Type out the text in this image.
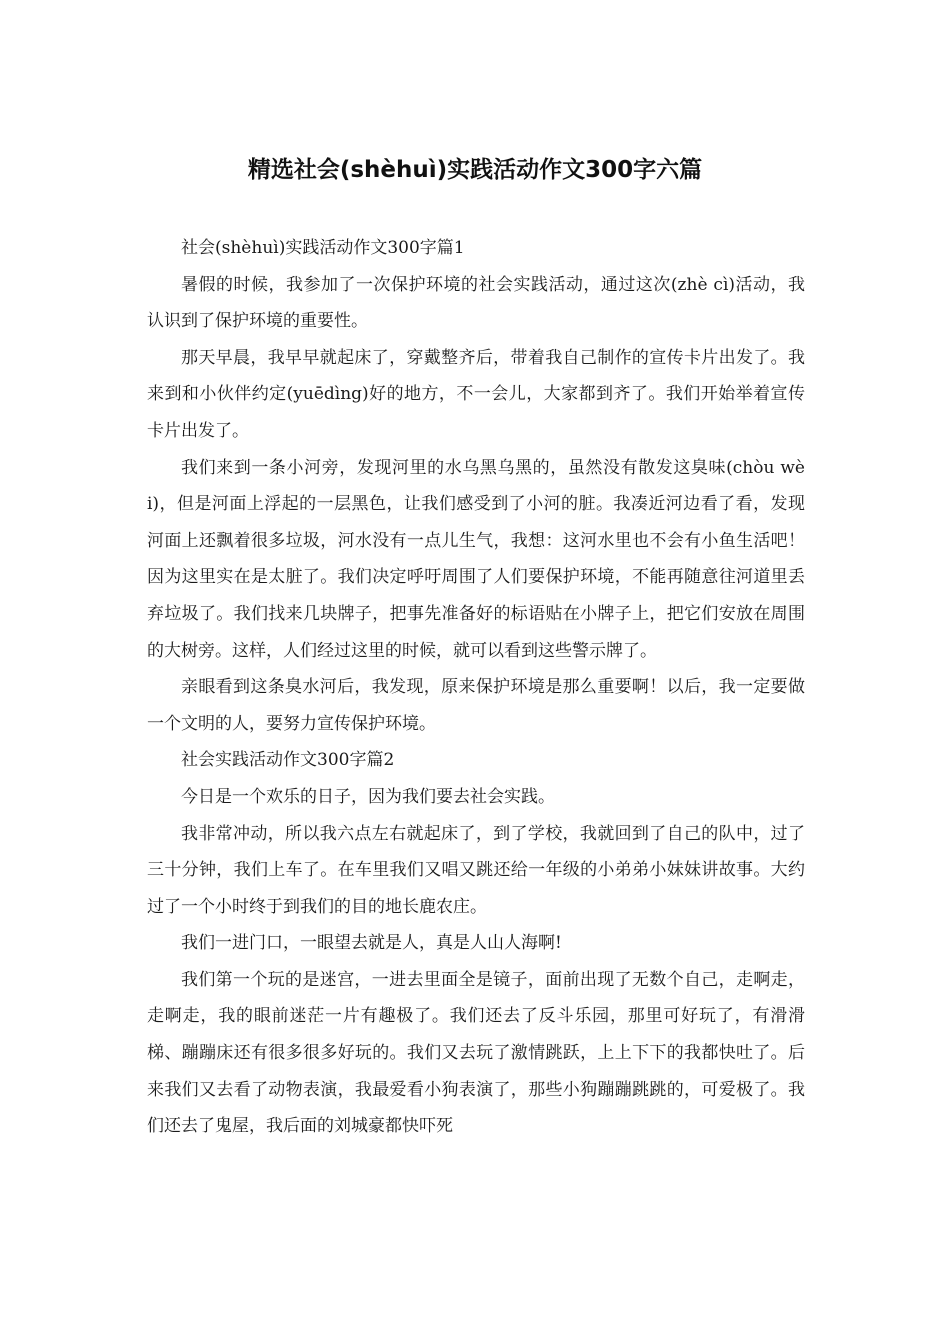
精选社会(shèhuì)实践活动作文300字六篇

社会(shèhuì)实践活动作文300字篇1

暑假的时候，我参加了一次保护环境的社会实践活动，通过这次(zhè cì)活动，我认识到了保护环境的重要性。

那天早晨，我早早就起床了，穿戴整齐后，带着我自己制作的宣传卡片出发了。我来到和小伙伴约定(yuēdìng)好的地方，不一会儿，大家都到齐了。我们开始举着宣传卡片出发了。

我们来到一条小河旁，发现河里的水乌黑乌黑的，虽然没有散发这臭味(chòu wèi)，但是河面上浮起的一层黑色，让我们感受到了小河的脏。我凑近河边看了看，发现河面上还飘着很多垃圾，河水没有一点儿生气，我想：这河水里也不会有小鱼生活吧！因为这里实在是太脏了。我们决定呼吁周围了人们要保护环境，不能再随意往河道里丢弃垃圾了。我们找来几块牌子，把事先准备好的标语贴在小牌子上，把它们安放在周围的大树旁。这样，人们经过这里的时候，就可以看到这些警示牌了。

亲眼看到这条臭水河后，我发现，原来保护环境是那么重要啊！以后，我一定要做一个文明的人，要努力宣传保护环境。

社会实践活动作文300字篇2

今日是一个欢乐的日子，因为我们要去社会实践。

我非常冲动，所以我六点左右就起床了，到了学校，我就回到了自己的队中，过了三十分钟，我们上车了。在车里我们又唱又跳还给一年级的小弟弟小妹妹讲故事。大约过了一个小时终于到我们的目的地长鹿农庄。

我们一进门口，一眼望去就是人，真是人山人海啊!

我们第一个玩的是迷宫，一进去里面全是镜子，面前出现了无数个自己，走啊走，走啊走，我的眼前迷茫一片有趣极了。我们还去了反斗乐园，那里可好玩了，有滑滑梯、蹦蹦床还有很多很多好玩的。我们又去玩了激情跳跃，上上下下的我都快吐了。后来我们又去看了动物表演，我最爱看小狗表演了，那些小狗蹦蹦跳跳的，可爱极了。我们还去了鬼屋，我后面的刘城豪都快吓死
